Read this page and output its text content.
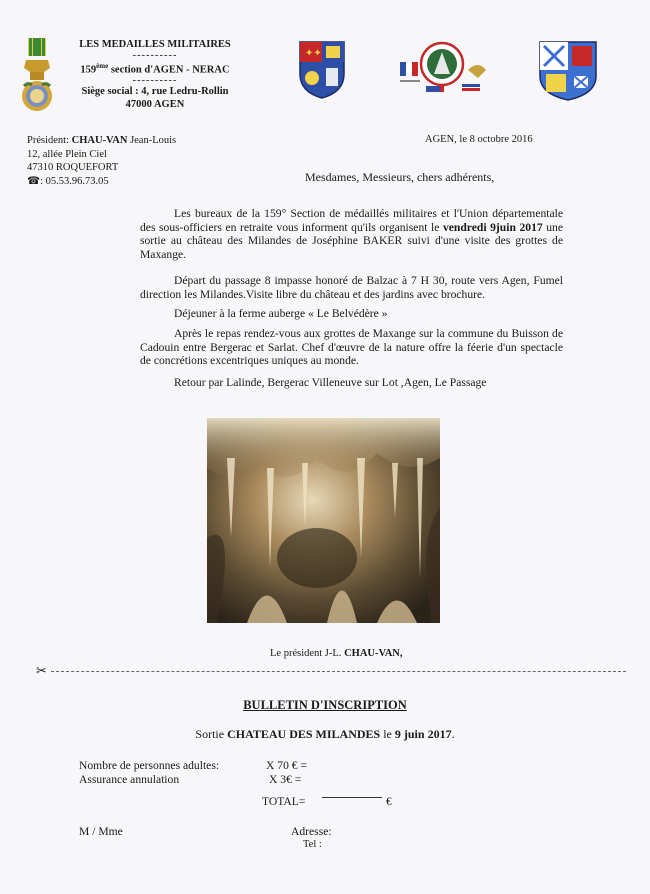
LES MEDAILLES MILITAIRES
----------
159ème section d'AGEN - NERAC
----------
Siège social : 4, rue Ledru-Rollin
47000 AGEN
✦✦
Président: CHAU-VAN Jean-Louis
12, allée Plein Ciel
47310 ROQUEFORT
☎: 05.53.96.73.05
AGEN, le 8 octobre 2016
Mesdames, Messieurs, chers adhérents,

Les bureaux de la 159° Section de médaillés militaires et l'Union départementale des sous-officiers en retraite vous informent qu'ils organisent le vendredi 9juin 2017 une sortie au château des Milandes de Joséphine BAKER suivi d'une visite des grottes de Maxange.

Départ du passage 8 impasse honoré de Balzac à 7 H 30, route vers Agen, Fumel direction les Milandes.Visite libre du château et des jardins avec brochure.

Déjeuner à la ferme auberge « Le Belvédère »

Après le repas rendez-vous aux grottes de Maxange sur la commune du Buisson de Cadouin entre Bergerac et Sarlat. Chef d'œuvre de la nature offre la féerie d'un spectacle de concrétions excentriques uniques au monde.

Retour par Lalinde, Bergerac Villeneuve sur Lot ,Agen, Le Passage

Le président J-L. CHAU-VAN,
✂
BULLETIN D'INSCRIPTION
Sortie CHATEAU DES MILANDES le 9 juin 2017.
Nombre de personnes adultes:	X 70 € =
Assurance annulation	X 3€ =
TOTAL=	€
M / Mme	Adresse:
Tel :
